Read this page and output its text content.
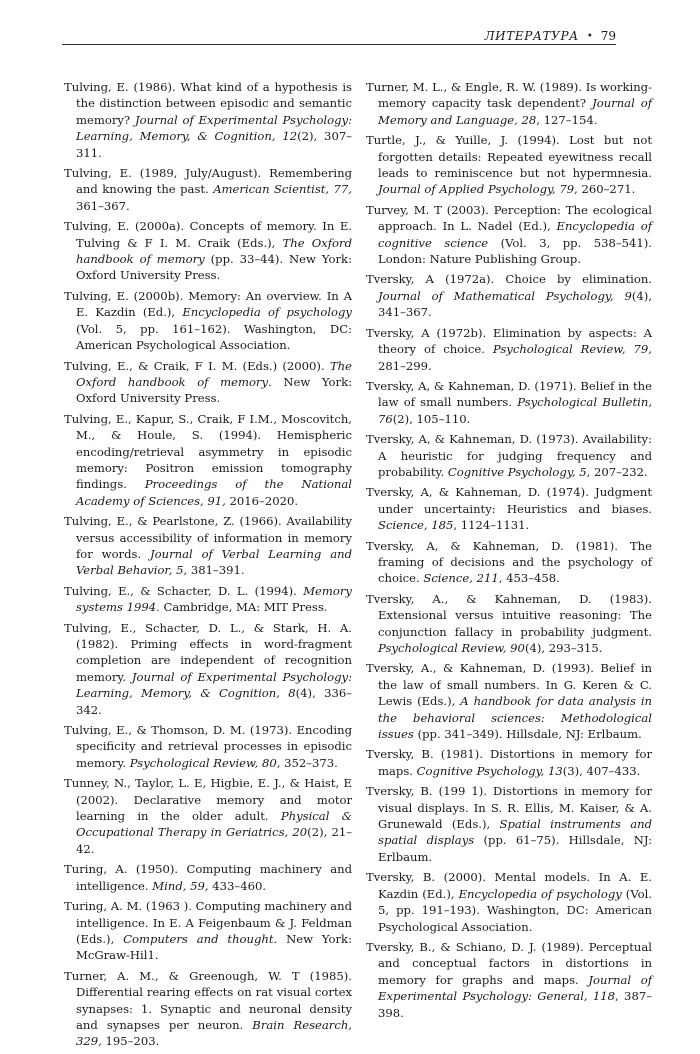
ЛИТЕРАТУРА • 79

Tulving, E. (1986). What kind of a hypothesis is the distinction between episodic and semantic memory? Journal of Experimental Psychology: Learning, Memory, & Cognition, 12(2), 307–311.

Tulving, E. (1989, July/August). Remembering and knowing the past. American Scientist, 77, 361–367.

Tulving, E. (2000a). Concepts of memory. In E. Tulving & F I. M. Craik (Eds.), The Oxford handbook of memory (pp. 33–44). New York: Oxford University Press.

Tulving, E. (2000b). Memory: An overview. In A E. Kazdin (Ed.), Encyclopedia of psychology (Vol. 5, pp. 161–162). Washington, DC: American Psychological Association.

Tulving, E., & Craik, F I. M. (Eds.) (2000). The Oxford handbook of memory. New York: Oxford University Press.

Tulving, E., Kapur, S., Craik, F I.M., Moscovitch, M., & Houle, S. (1994). Hemispheric encoding/retrieval asymmetry in episodic memory: Positron emission tomography findings. Proceedings of the National Academy of Sciences, 91, 2016–2020.

Tulving, E., & Pearlstone, Z. (1966). Availability versus accessibility of information in memory for words. Journal of Verbal Learning and Verbal Behavior, 5, 381–391.

Tulving, E., & Schacter, D. L. (1994). Memory systems 1994. Cambridge, MA: MIT Press.

Tulving, E., Schacter, D. L., & Stark, H. A. (1982). Priming effects in word-fragment completion are independent of recognition memory. Journal of Experimental Psychology: Learning, Memory, & Cognition, 8(4), 336–342.

Tulving, E., & Thomson, D. M. (1973). Encoding specificity and retrieval processes in episodic memory. Psychological Review, 80, 352–373.

Tunney, N., Taylor, L. E, Higbie, E. J., & Haist, E (2002). Declarative memory and motor learning in the older adult. Physical & Occupational Therapy in Geriatrics, 20(2), 21–42.

Turing, A. (1950). Computing machinery and intelligence. Mind, 59, 433–460.

Turing, A. M. (1963 ). Computing machinery and intelligence. In E. A Feigenbaum & J. Feldman (Eds.), Computers and thought. New York: McGraw-Hil1.

Turner, A. M., & Greenough, W. T (1985). Differential rearing effects on rat visual cortex synapses: 1. Synaptic and neuronal density and synapses per neuron. Brain Research, 329, 195–203.

Turner, M. L., & Engle, R. W. (1989). Is working-memory capacity task dependent? Journal of Memory and Language, 28, 127–154.

Turtle, J., & Yuille, J. (1994). Lost but not forgotten details: Repeated eyewitness recall leads to reminiscence but not hypermnesia. Journal of Applied Psychology, 79, 260–271.

Turvey, M. T (2003). Perception: The ecological approach. In L. Nadel (Ed.), Encyclopedia of cognitive science (Vol. 3, pp. 538–541). London: Nature Publishing Group.

Tversky, A (1972a). Choice by elimination. Journal of Mathematical Psychology, 9(4), 341–367.

Tversky, A (1972b). Elimination by aspects: A theory of choice. Psychological Review, 79, 281–299.

Tversky, A, & Kahneman, D. (1971). Belief in the law of small numbers. Psychological Bulletin, 76(2), 105–110.

Tversky, A, & Kahneman, D. (1973). Availability: A heuristic for judging frequency and probability. Cognitive Psychology, 5, 207–232.

Tversky, A, & Kahneman, D. (1974). Judgment under uncertainty: Heuristics and biases. Science, 185, 1124–1131.

Tversky, A, & Kahneman, D. (1981). The framing of decisions and the psychology of choice. Science, 211, 453–458.

Tversky, A., & Kahneman, D. (1983). Extensional versus intuitive reasoning: The conjunction fallacy in probability judgment. Psychological Review, 90(4), 293–315.

Tversky, A., & Kahneman, D. (1993). Belief in the law of small numbers. In G. Keren & C. Lewis (Eds.), A handbook for data analysis in the behavioral sciences: Methodological issues (pp. 341–349). Hillsdale, NJ: Erlbaum.

Tversky, B. (1981). Distortions in memory for maps. Cognitive Psychology, 13(3), 407–433.

Tversky, B. (199 1). Distortions in memory for visual displays. In S. R. Ellis, M. Kaiser, & A. Grunewald (Eds.), Spatial instruments and spatial displays (pp. 61–75). Hillsdale, NJ: Erlbaum.

Tversky, B. (2000). Mental models. In A. E. Kazdin (Ed.), Encyclopedia of psychology (Vol. 5, pp. 191–193). Washington, DC: American Psychological Association.

Tversky, B., & Schiano, D. J. (1989). Perceptual and conceptual factors in distortions in memory for graphs and maps. Journal of Experimental Psychology: General, 118, 387–398.
